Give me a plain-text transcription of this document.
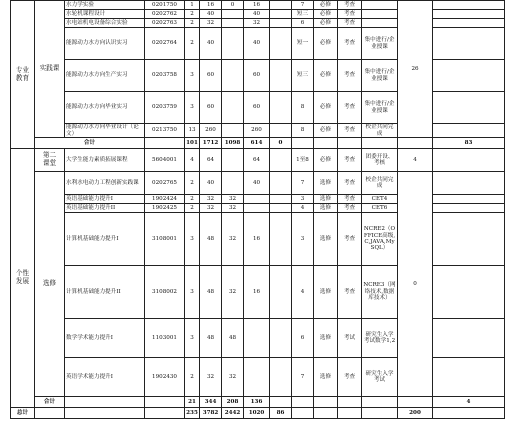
专业
教育	实践课	水力学实验	0201750	1	16	0	16		7	必修	考查		26	
		水轮机课程设计	0202762	2	40		40		短三	必修	考查			
		水电站机电设备综合实验	0202763	2	32		32		6	必修	考查			
		能源动力水方向认识实习	0202764	2	40		40		短一	必修	考查	集中进行/企业授课		
		能源动力水方向生产实习	0203758	3	60		60		短三	必修	考查	集中进行/企业授课		
		能源动力水方向毕业实习	0203759	3	60		60		8	必修	考查	集中进行/企业授课		
		能源动力水方向毕业设计（论文）	0213750	13	260		260		8	必修	考查	校企共同完成		
	合计			101	1712	1098	614	0						83
个性
发展	第二
课堂	大学生能力素质拓展课程	5604001	4	64		64		1至8	必修	考查	团委开设、考核	4	
	选修	水利水电动力工程创新实践课	0202765	2	40		40		7	选修	考查	校企共同完成	0	
		英语基础能力提升I	1902424	2	32	32			3	选修	考查	CET4		
		英语基础能力提升II	1902425	2	32	32			4	选修	考查	CET6		
		计算机基础能力提升I	3108001	3	48	32	16		3	选修	考查	NCRE2（OFFICE高级,C,JAVA,MySQL）		
		计算机基础能力提升II	3108002	3	48	32	16		4	选修	考查	NCRE3（网络技术,数据库技术）		
		数学学术能力提升I	1103001	3	48	48			6	选修	考试	研究生入学考试数学1,2		
		英语学术能力提升I	1902430	2	32	32			7	选修	考查	研究生入学考试		
	合计			21	344	208	136							4
总计				235	3782	2442	1020	86					200	
